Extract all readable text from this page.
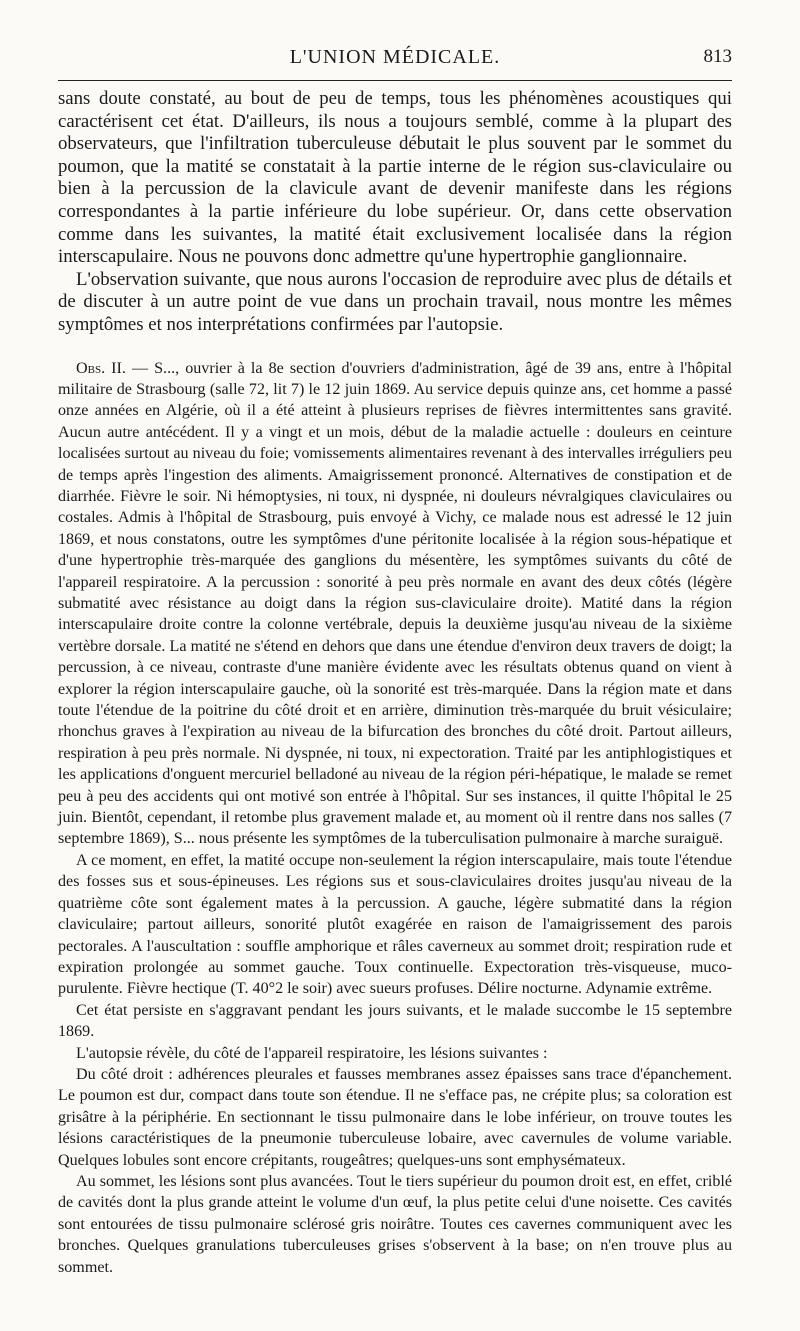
L'UNION MÉDICALE.	813

sans doute constaté, au bout de peu de temps, tous les phénomènes acoustiques qui caractérisent cet état. D'ailleurs, ils nous a toujours semblé, comme à la plupart des observateurs, que l'infiltration tuberculeuse débutait le plus souvent par le sommet du poumon, que la matité se constatait à la partie interne de le région sus-claviculaire ou bien à la percussion de la clavicule avant de devenir manifeste dans les régions correspondantes à la partie inférieure du lobe supérieur. Or, dans cette observation comme dans les suivantes, la matité était exclusivement localisée dans la région interscapulaire. Nous ne pouvons donc admettre qu'une hypertrophie ganglionnaire.

L'observation suivante, que nous aurons l'occasion de reproduire avec plus de détails et de discuter à un autre point de vue dans un prochain travail, nous montre les mêmes symptômes et nos interprétations confirmées par l'autopsie.

Obs. II. — S..., ouvrier à la 8e section d'ouvriers d'administration, âgé de 39 ans, entre à l'hôpital militaire de Strasbourg (salle 72, lit 7) le 12 juin 1869. Au service depuis quinze ans, cet homme a passé onze années en Algérie, où il a été atteint à plusieurs reprises de fièvres intermittentes sans gravité. Aucun autre antécédent. Il y a vingt et un mois, début de la maladie actuelle : douleurs en ceinture localisées surtout au niveau du foie; vomissements alimentaires revenant à des intervalles irréguliers peu de temps après l'ingestion des aliments. Amaigrissement prononcé. Alternatives de constipation et de diarrhée. Fièvre le soir. Ni hémoptysies, ni toux, ni dyspnée, ni douleurs névralgiques claviculaires ou costales. Admis à l'hôpital de Strasbourg, puis envoyé à Vichy, ce malade nous est adressé le 12 juin 1869, et nous constatons, outre les symptômes d'une péritonite localisée à la région sous-hépatique et d'une hypertrophie très-marquée des ganglions du mésentère, les symptômes suivants du côté de l'appareil respiratoire. A la percussion : sonorité à peu près normale en avant des deux côtés (légère submatité avec résistance au doigt dans la région sus-claviculaire droite). Matité dans la région interscapulaire droite contre la colonne vertébrale, depuis la deuxième jusqu'au niveau de la sixième vertèbre dorsale. La matité ne s'étend en dehors que dans une étendue d'environ deux travers de doigt; la percussion, à ce niveau, contraste d'une manière évidente avec les résultats obtenus quand on vient à explorer la région interscapulaire gauche, où la sonorité est très-marquée. Dans la région mate et dans toute l'étendue de la poitrine du côté droit et en arrière, diminution très-marquée du bruit vésiculaire; rhonchus graves à l'expiration au niveau de la bifurcation des bronches du côté droit. Partout ailleurs, respiration à peu près normale. Ni dyspnée, ni toux, ni expectoration. Traité par les antiphlogistiques et les applications d'onguent mercuriel belladoné au niveau de la région péri-hépatique, le malade se remet peu à peu des accidents qui ont motivé son entrée à l'hôpital. Sur ses instances, il quitte l'hôpital le 25 juin. Bientôt, cependant, il retombe plus gravement malade et, au moment où il rentre dans nos salles (7 septembre 1869), S... nous présente les symptômes de la tuberculisation pulmonaire à marche suraiguë.

A ce moment, en effet, la matité occupe non-seulement la région interscapulaire, mais toute l'étendue des fosses sus et sous-épineuses. Les régions sus et sous-claviculaires droites jusqu'au niveau de la quatrième côte sont également mates à la percussion. A gauche, légère submatité dans la région claviculaire; partout ailleurs, sonorité plutôt exagérée en raison de l'amaigrissement des parois pectorales. A l'auscultation : souffle amphorique et râles caverneux au sommet droit; respiration rude et expiration prolongée au sommet gauche. Toux continuelle. Expectoration très-visqueuse, muco-purulente. Fièvre hectique (T. 40°2 le soir) avec sueurs profuses. Délire nocturne. Adynamie extrême.

Cet état persiste en s'aggravant pendant les jours suivants, et le malade succombe le 15 septembre 1869.

L'autopsie révèle, du côté de l'appareil respiratoire, les lésions suivantes :

Du côté droit : adhérences pleurales et fausses membranes assez épaisses sans trace d'épanchement. Le poumon est dur, compact dans toute son étendue. Il ne s'efface pas, ne crépite plus; sa coloration est grisâtre à la périphérie. En sectionnant le tissu pulmonaire dans le lobe inférieur, on trouve toutes les lésions caractéristiques de la pneumonie tuberculeuse lobaire, avec cavernules de volume variable. Quelques lobules sont encore crépitants, rougeâtres; quelques-uns sont emphysémateux.

Au sommet, les lésions sont plus avancées. Tout le tiers supérieur du poumon droit est, en effet, criblé de cavités dont la plus grande atteint le volume d'un œuf, la plus petite celui d'une noisette. Ces cavités sont entourées de tissu pulmonaire sclérosé gris noirâtre. Toutes ces cavernes communiquent avec les bronches. Quelques granulations tuberculeuses grises s'observent à la base; on n'en trouve plus au sommet.
